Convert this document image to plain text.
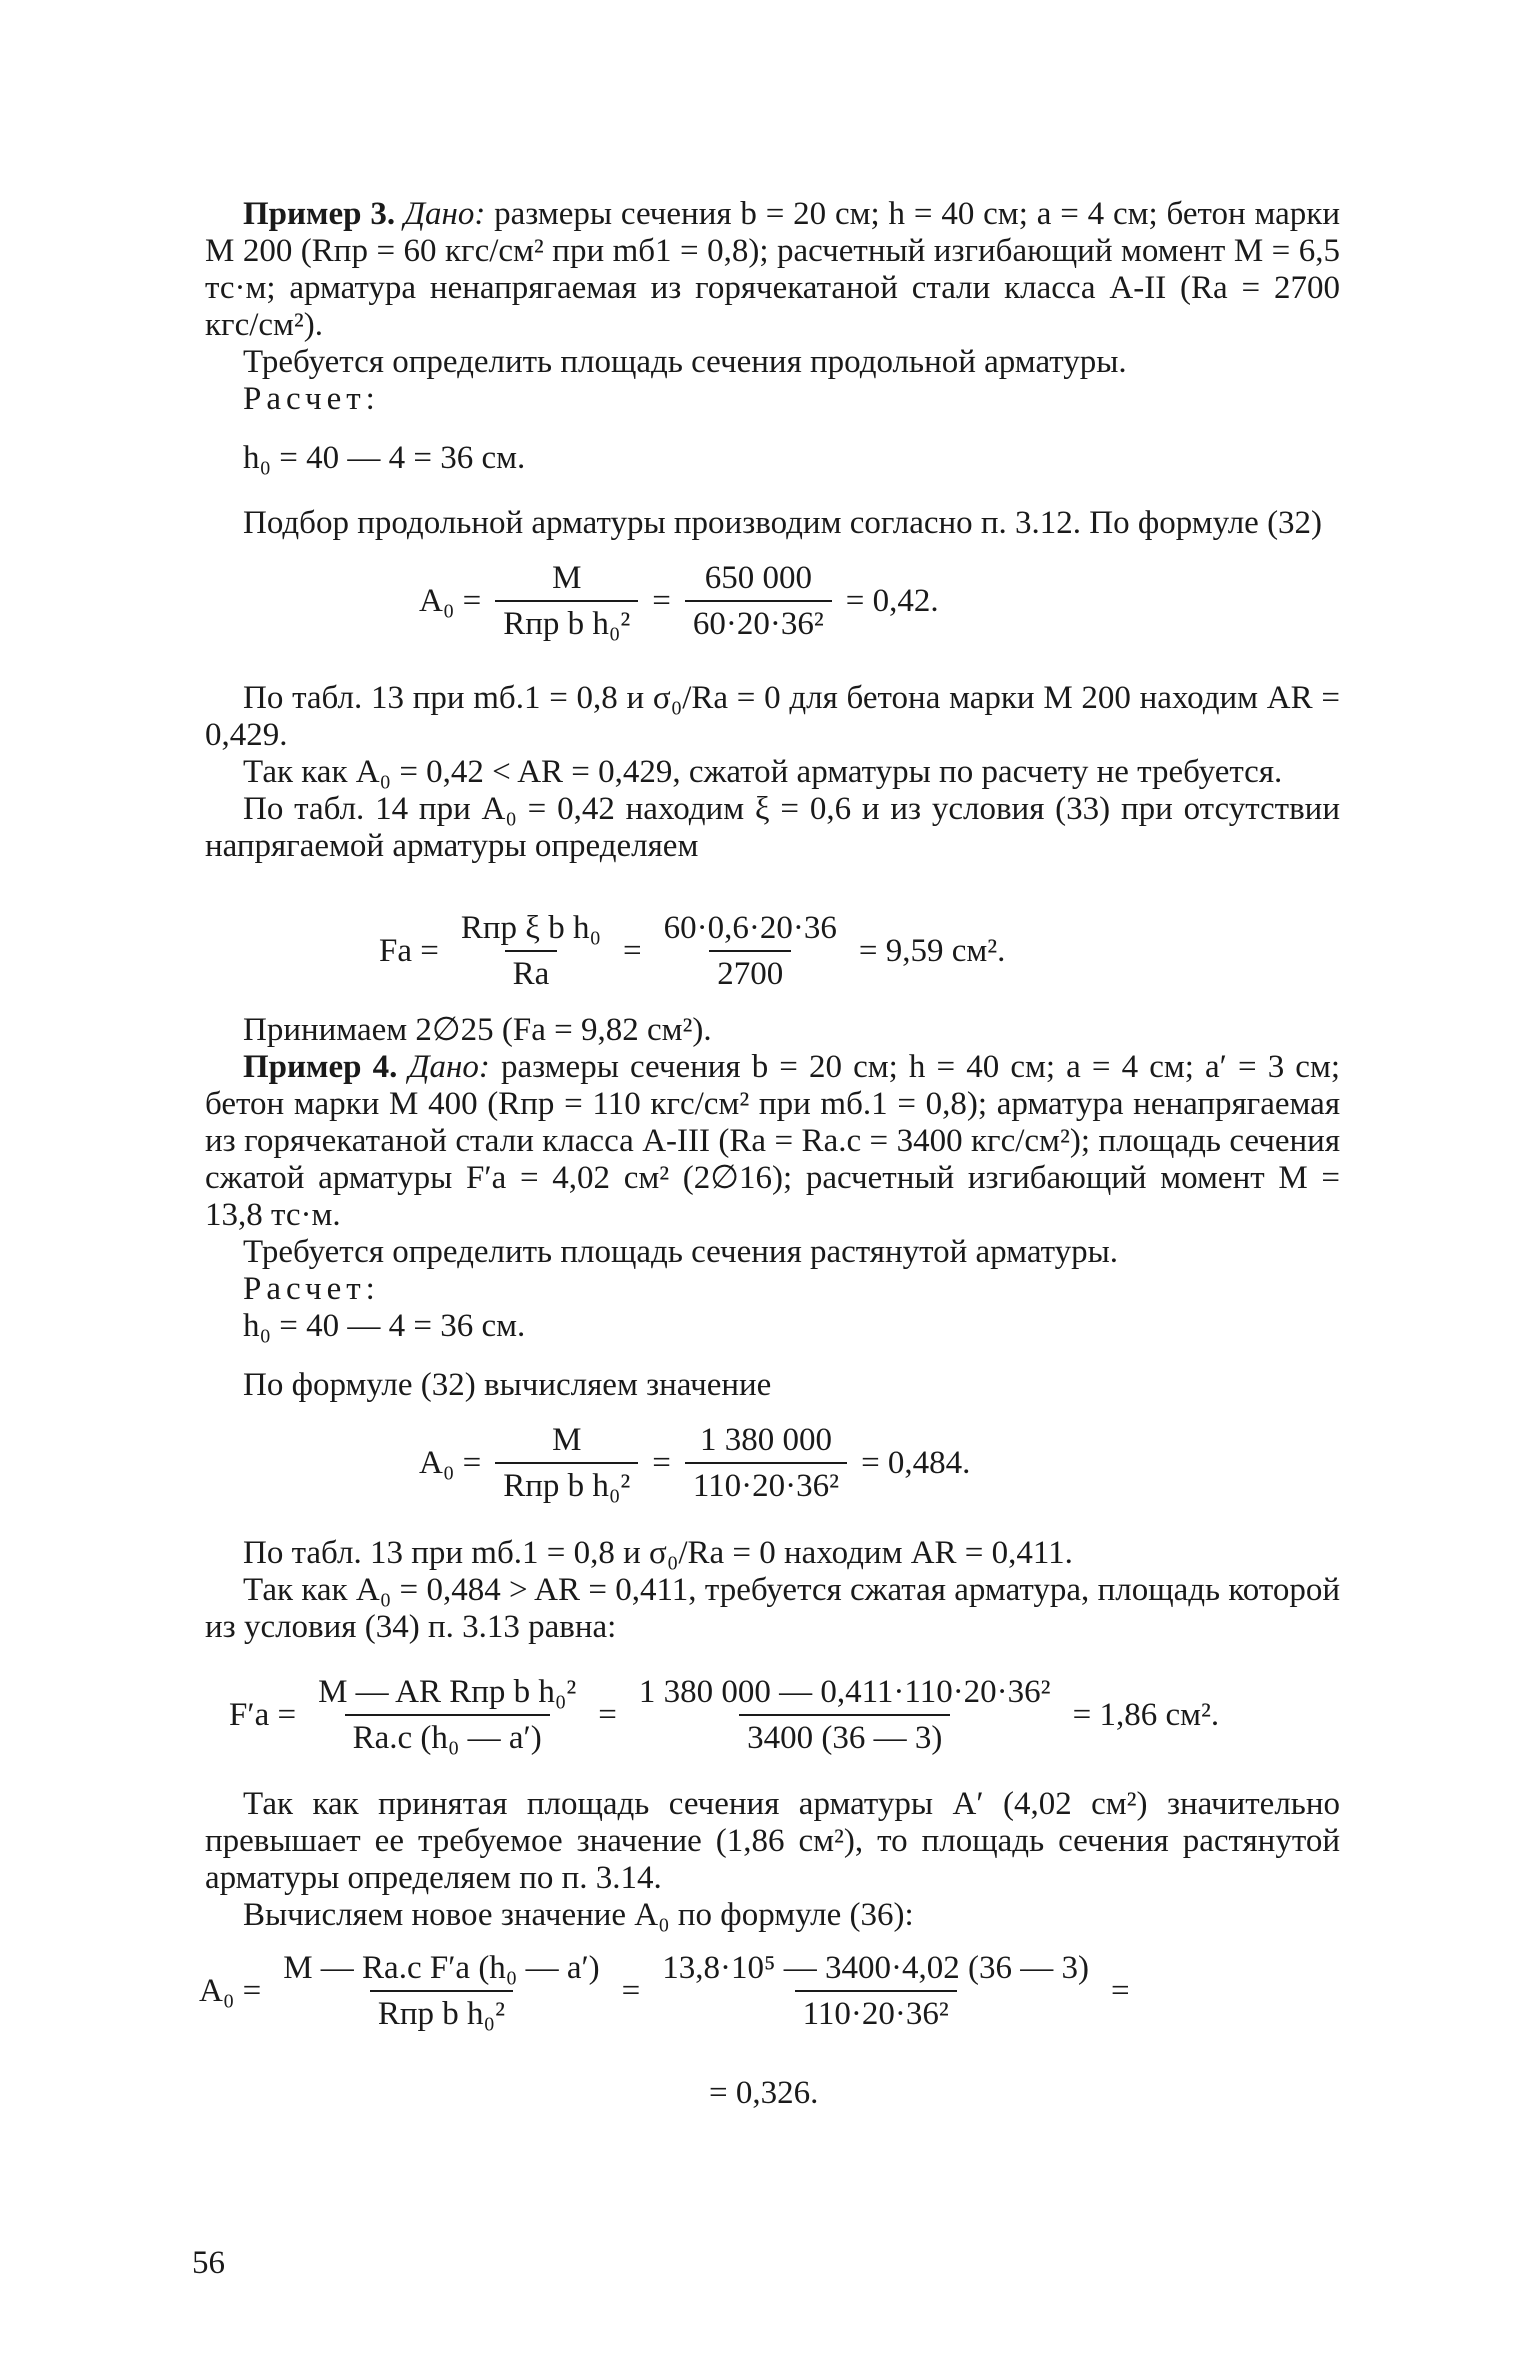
Пример 3. Дано: размеры сечения b = 20 см; h = 40 см; a = 4 см; бетон марки М 200 (Rпр = 60 кгс/см² при mб1 = 0,8); расчетный изгибающий момент M = 6,5 тс·м; арматура ненапрягаемая из горячекатаной стали класса А-II (Rа = 2700 кгс/см²).

Требуется определить площадь сечения продольной арматуры.

Расчет:

h₀ = 40 — 4 = 36 см.

Подбор продольной арматуры производим согласно п. 3.12. По формуле (32)

$A_0 = \frac{M}{\text{Rпр b h₀²}} = \frac{650 000}{\text{60·20·36²}} = 0,42$.

По табл. 13 при mб.1 = 0,8 и σ₀/Rа = 0 для бетона марки М 200 находим AR = 0,429.

Так как A₀ = 0,42 < AR = 0,429, сжатой арматуры по расчету не требуется.

По табл. 14 при A₀ = 0,42 находим ξ = 0,6 и из условия (33) при отсутствии напрягаемой арматуры определяем

Fа = $\frac{\text{Rпр ξ b h₀}}{Rа} = \frac{60\cdot 0,6\cdot 20\cdot 36}{2700} = 9,59$ см².

Принимаем 2∅25 (Fа = 9,82 см²).

Пример 4. Дано: размеры сечения b = 20 см; h = 40 см; a = 4 см; a′ = 3 см; бетон марки М 400 (Rпр = 110 кгс/см² при mб.1 = 0,8); арматура ненапрягаемая из горячекатаной стали класса А-III (Rа = Rа.с = 3400 кгс/см²); площадь сечения сжатой арматуры F′а = 4,02 см² (2∅16); расчетный изгибающий момент M = 13,8 тс·м.

Требуется определить площадь сечения растянутой арматуры.

Расчет:

h₀ = 40 — 4 = 36 см.

По формуле (32) вычисляем значение

$A_0 = \frac{M}{\text{Rпр b h₀²}} = \frac{1 380 000}{\text{110·20·36²}} = 0,484$.

По табл. 13 при mб.1 = 0,8 и σ₀/Rа = 0 находим AR = 0,411.

Так как A₀ = 0,484 > AR = 0,411, требуется сжатая арматура, площадь которой из условия (34) п. 3.13 равна:

$F'а = \frac{\text{M — AR Rпр b h₀²}}{\text{Rа.с (h₀ — a′)}} = \frac{\text{1 380 000 — 0,411·110·20·36²}}{3400 (36 — 3)} = 1,86$ см².

Так как принятая площадь сечения арматуры A′ (4,02 см²) значительно превышает ее требуемое значение (1,86 см²), то площадь сечения растянутой арматуры определяем по п. 3.14.

Вычисляем новое значение A₀ по формуле (36):

$A_0 = \frac{\text{M — Rа.с F′а (h₀ — a′)}}{\text{Rпр b h₀²}} = \frac{\text{13,8·10⁵ — 3400·4,02 (36 — 3)}}{\text{110·20·36²}}$ =
= 0,326.
56
